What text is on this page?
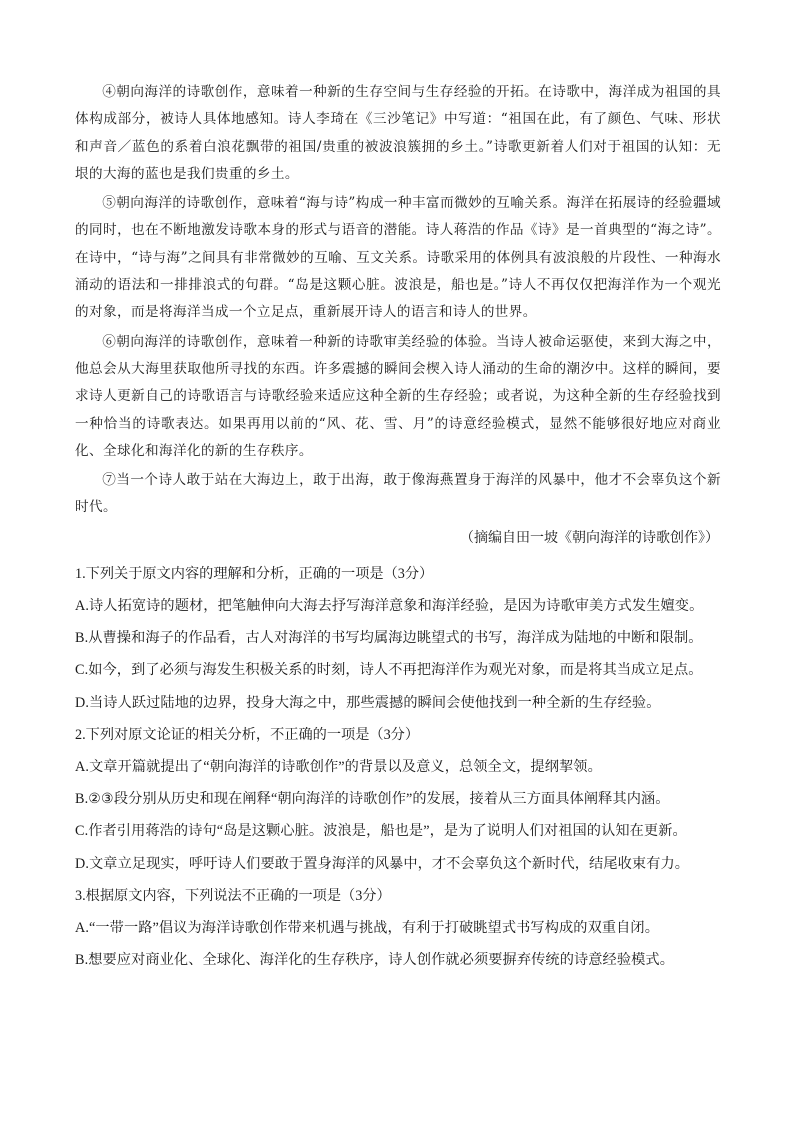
④朝向海洋的诗歌创作，意味着一种新的生存空间与生存经验的开拓。在诗歌中，海洋成为祖国的具体构成部分，被诗人具体地感知。诗人李琦在《三沙笔记》中写道：“祖国在此，有了颜色、气味、形状和声音／蓝色的系着白浪花飘带的祖国/贵重的被波浪簇拥的乡土。”诗歌更新着人们对于祖国的认知：无垠的大海的蓝也是我们贵重的乡土。

⑤朝向海洋的诗歌创作，意味着“海与诗”构成一种丰富而微妙的互喻关系。海洋在拓展诗的经验疆域的同时，也在不断地激发诗歌本身的形式与语音的潜能。诗人蒋浩的作品《诗》是一首典型的“海之诗”。在诗中，“诗与海”之间具有非常微妙的互喻、互文关系。诗歌采用的体例具有波浪般的片段性、一种海水涌动的语法和一排排浪式的句群。“岛是这颗心脏。波浪是，船也是。”诗人不再仅仅把海洋作为一个观光的对象，而是将海洋当成一个立足点，重新展开诗人的语言和诗人的世界。

⑥朝向海洋的诗歌创作，意味着一种新的诗歌审美经验的体验。当诗人被命运驱使，来到大海之中，他总会从大海里获取他所寻找的东西。许多震撼的瞬间会楔入诗人涌动的生命的潮汐中。这样的瞬间，要求诗人更新自己的诗歌语言与诗歌经验来适应这种全新的生存经验；或者说，为这种全新的生存经验找到一种恰当的诗歌表达。如果再用以前的“风、花、雪、月”的诗意经验模式，显然不能够很好地应对商业化、全球化和海洋化的新的生存秩序。

⑦当一个诗人敢于站在大海边上，敢于出海，敢于像海燕置身于海洋的风暴中，他才不会辜负这个新时代。

（摘编自田一坡《朝向海洋的诗歌创作》）

1.下列关于原文内容的理解和分析，正确的一项是（3分）

A.诗人拓宽诗的题材，把笔触伸向大海去抒写海洋意象和海洋经验，是因为诗歌审美方式发生嬗变。

B.从曹操和海子的作品看，古人对海洋的书写均属海边眺望式的书写，海洋成为陆地的中断和限制。

C.如今，到了必须与海发生积极关系的时刻，诗人不再把海洋作为观光对象，而是将其当成立足点。

D.当诗人跃过陆地的边界，投身大海之中，那些震撼的瞬间会使他找到一种全新的生存经验。

2.下列对原文论证的相关分析，不正确的一项是（3分）

A.文章开篇就提出了“朝向海洋的诗歌创作”的背景以及意义，总领全文，提纲挈领。

B.②③段分别从历史和现在阐释“朝向海洋的诗歌创作”的发展，接着从三方面具体阐释其内涵。

C.作者引用蒋浩的诗句“岛是这颗心脏。波浪是，船也是”，是为了说明人们对祖国的认知在更新。

D.文章立足现实，呼吁诗人们要敢于置身海洋的风暴中，才不会辜负这个新时代，结尾收束有力。

3.根据原文内容，下列说法不正确的一项是（3分）

A.“一带一路”倡议为海洋诗歌创作带来机遇与挑战，有利于打破眺望式书写构成的双重自闭。

B.想要应对商业化、全球化、海洋化的生存秩序，诗人创作就必须要摒弃传统的诗意经验模式。
